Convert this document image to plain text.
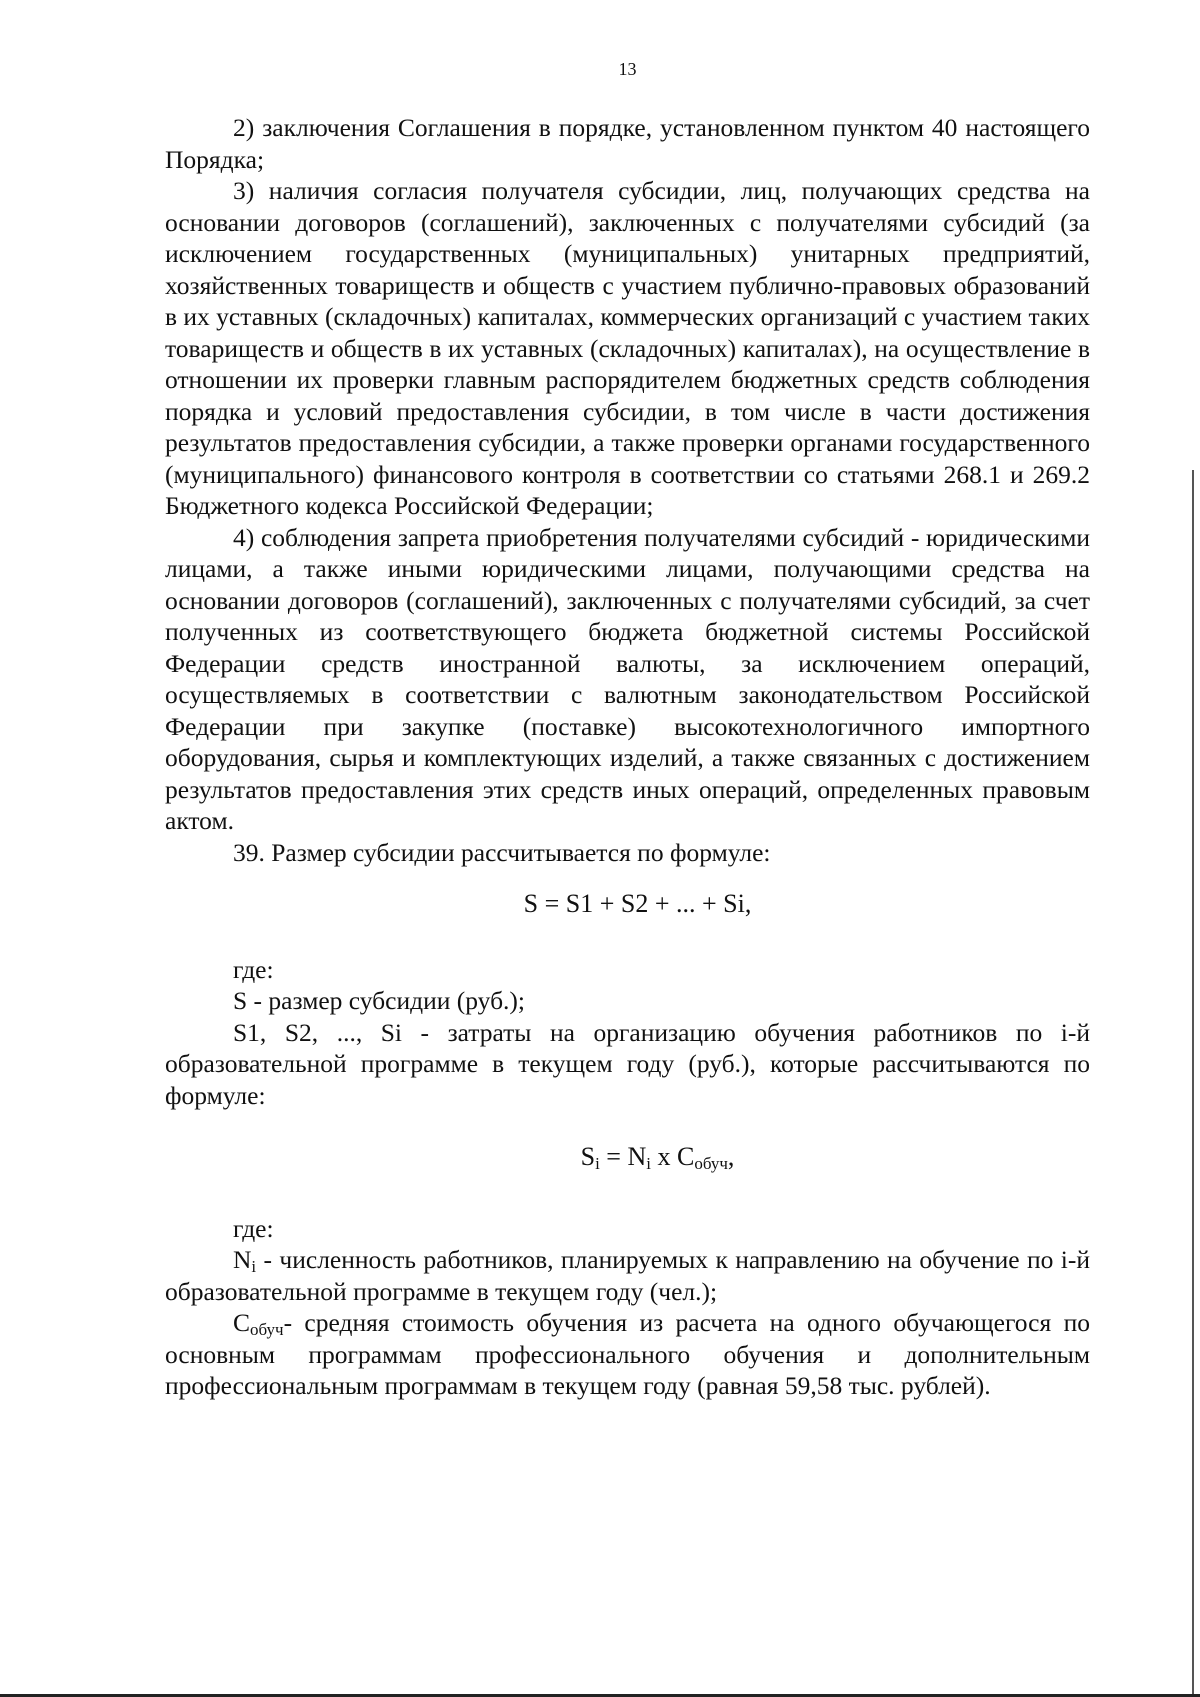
13

2) заключения Соглашения в порядке, установленном пунктом 40 настоящего Порядка;

3) наличия согласия получателя субсидии, лиц, получающих средства на основании договоров (соглашений), заключенных с получателями субсидий (за исключением государственных (муниципальных) унитарных предприятий, хозяйственных товариществ и обществ с участием публично-правовых образований в их уставных (складочных) капиталах, коммерческих организаций с участием таких товариществ и обществ в их уставных (складочных) капиталах), на осуществление в отношении их проверки главным распорядителем бюджетных средств соблюдения порядка и условий предоставления субсидии, в том числе в части достижения результатов предоставления субсидии, а также проверки органами государственного (муниципального) финансового контроля в соответствии со статьями 268.1 и 269.2 Бюджетного кодекса Российской Федерации;

4) соблюдения запрета приобретения получателями субсидий - юридическими лицами, а также иными юридическими лицами, получающими средства на основании договоров (соглашений), заключенных с получателями субсидий, за счет полученных из соответствующего бюджета бюджетной системы Российской Федерации средств иностранной валюты, за исключением операций, осуществляемых в соответствии с валютным законодательством Российской Федерации при закупке (поставке) высокотехнологичного импортного оборудования, сырья и комплектующих изделий, а также связанных с достижением результатов предоставления этих средств иных операций, определенных правовым актом.

39. Размер субсидии рассчитывается по формуле:

S = S1 + S2 + ... + Si,

где:

S - размер субсидии (руб.);

S1, S2, ..., Si - затраты на организацию обучения работников по i-й образовательной программе в текущем году (руб.), которые рассчитываются по формуле:

$S_i = N_i$ x $C_{обуч}$,

где:

$N_i$ - численность работников, планируемых к направлению на обучение по i-й образовательной программе в текущем году (чел.);

$C_{обуч}-$ средняя стоимость обучения из расчета на одного обучающегося по основным программам профессионального обучения и дополнительным профессиональным программам в текущем году (равная 59,58 тыс. рублей).
